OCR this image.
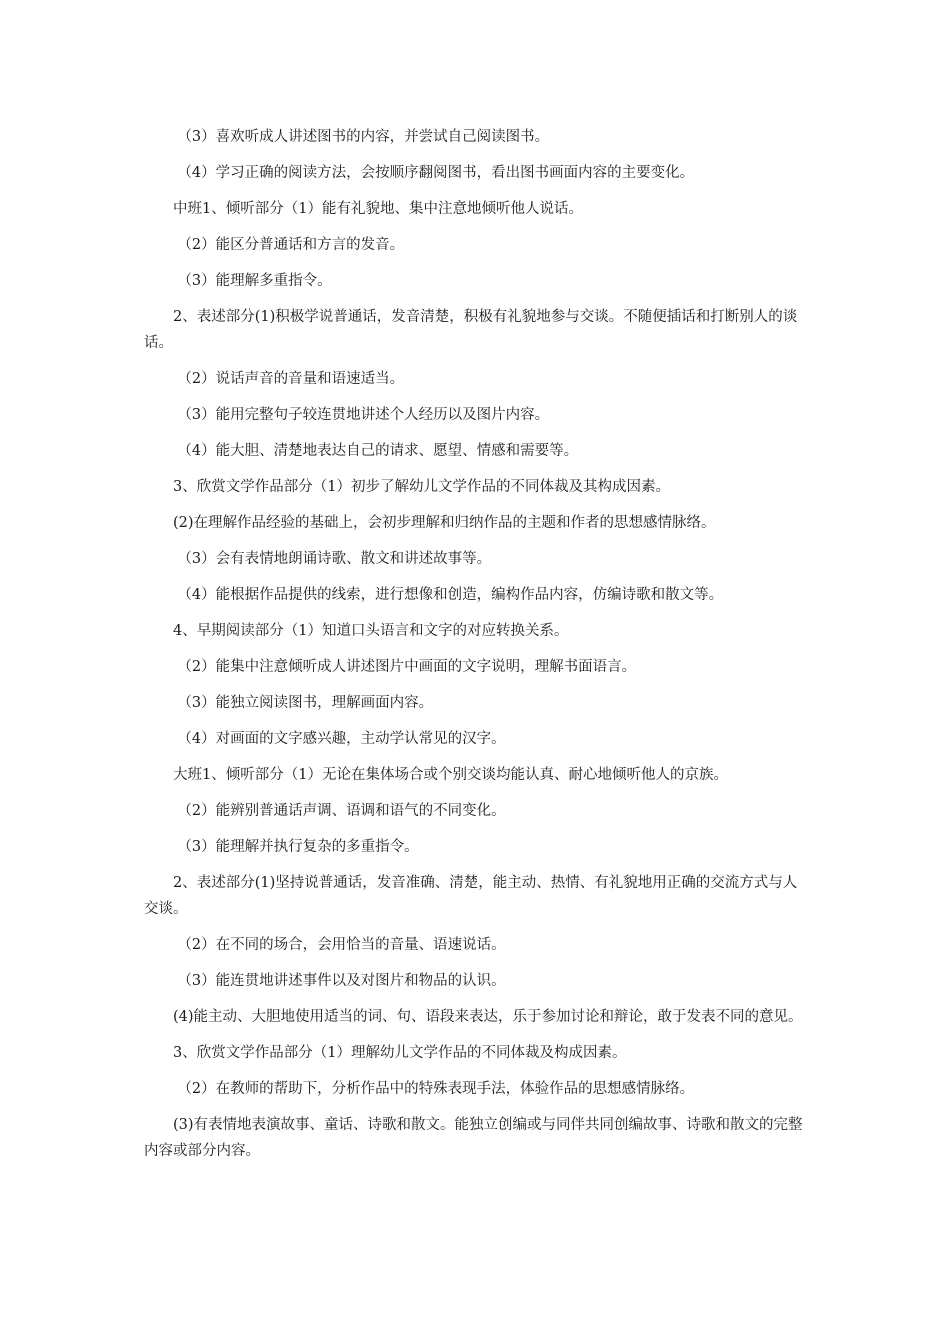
（3）喜欢听成人讲述图书的内容，并尝试自己阅读图书。

（4）学习正确的阅读方法，会按顺序翻阅图书，看出图书画面内容的主要变化。

中班1、倾听部分（1）能有礼貌地、集中注意地倾听他人说话。

（2）能区分普通话和方言的发音。

（3）能理解多重指令。

2、表述部分(1)积极学说普通话，发音清楚，积极有礼貌地参与交谈。不随便插话和打断别人的谈话。

（2）说话声音的音量和语速适当。

（3）能用完整句子较连贯地讲述个人经历以及图片内容。

（4）能大胆、清楚地表达自己的请求、愿望、情感和需要等。

3、欣赏文学作品部分（1）初步了解幼儿文学作品的不同体裁及其构成因素。

(2)在理解作品经验的基础上，会初步理解和归纳作品的主题和作者的思想感情脉络。

（3）会有表情地朗诵诗歌、散文和讲述故事等。

（4）能根据作品提供的线索，进行想像和创造，编构作品内容，仿编诗歌和散文等。

4、早期阅读部分（1）知道口头语言和文字的对应转换关系。

（2）能集中注意倾听成人讲述图片中画面的文字说明，理解书面语言。

（3）能独立阅读图书，理解画面内容。

（4）对画面的文字感兴趣，主动学认常见的汉字。

大班1、倾听部分（1）无论在集体场合或个别交谈均能认真、耐心地倾听他人的京族。

（2）能辨别普通话声调、语调和语气的不同变化。

（3）能理解并执行复杂的多重指令。

2、表述部分(1)坚持说普通话，发音准确、清楚，能主动、热情、有礼貌地用正确的交流方式与人交谈。

（2）在不同的场合，会用恰当的音量、语速说话。

（3）能连贯地讲述事件以及对图片和物品的认识。

(4)能主动、大胆地使用适当的词、句、语段来表达，乐于参加讨论和辩论，敢于发表不同的意见。

3、欣赏文学作品部分（1）理解幼儿文学作品的不同体裁及构成因素。

（2）在教师的帮助下，分析作品中的特殊表现手法，体验作品的思想感情脉络。

(3)有表情地表演故事、童话、诗歌和散文。能独立创编或与同伴共同创编故事、诗歌和散文的完整内容或部分内容。
